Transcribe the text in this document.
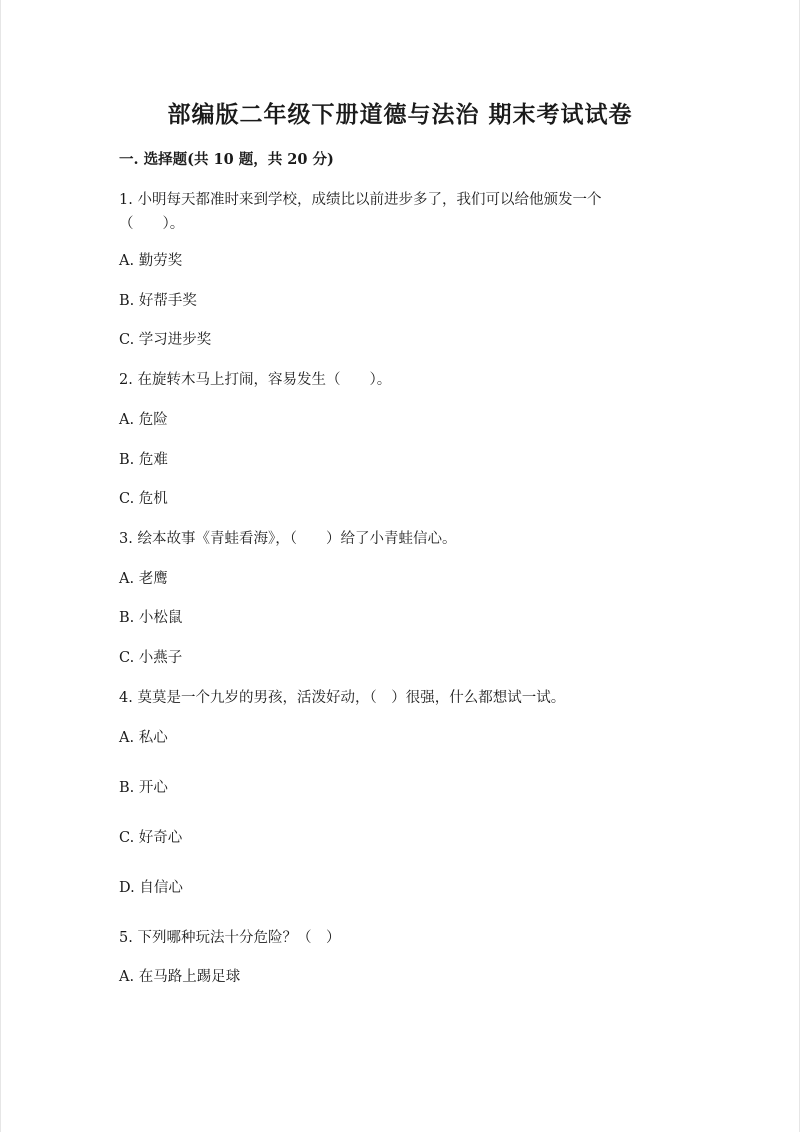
部编版二年级下册道德与法治 期末考试试卷
一. 选择题(共 10 题，共 20 分)
1. 小明每天都准时来到学校，成绩比以前进步多了，我们可以给他颁发一个
（　　）。
A. 勤劳奖
B. 好帮手奖
C. 学习进步奖
2. 在旋转木马上打闹，容易发生（　　）。
A. 危险
B. 危难
C. 危机
3. 绘本故事《青蛙看海》，（　　）给了小青蛙信心。
A. 老鹰
B. 小松鼠
C. 小燕子
4. 莫莫是一个九岁的男孩，活泼好动，（　）很强，什么都想试一试。
A. 私心
B. 开心
C. 好奇心
D. 自信心
5. 下列哪种玩法十分危险？（　）
A. 在马路上踢足球
